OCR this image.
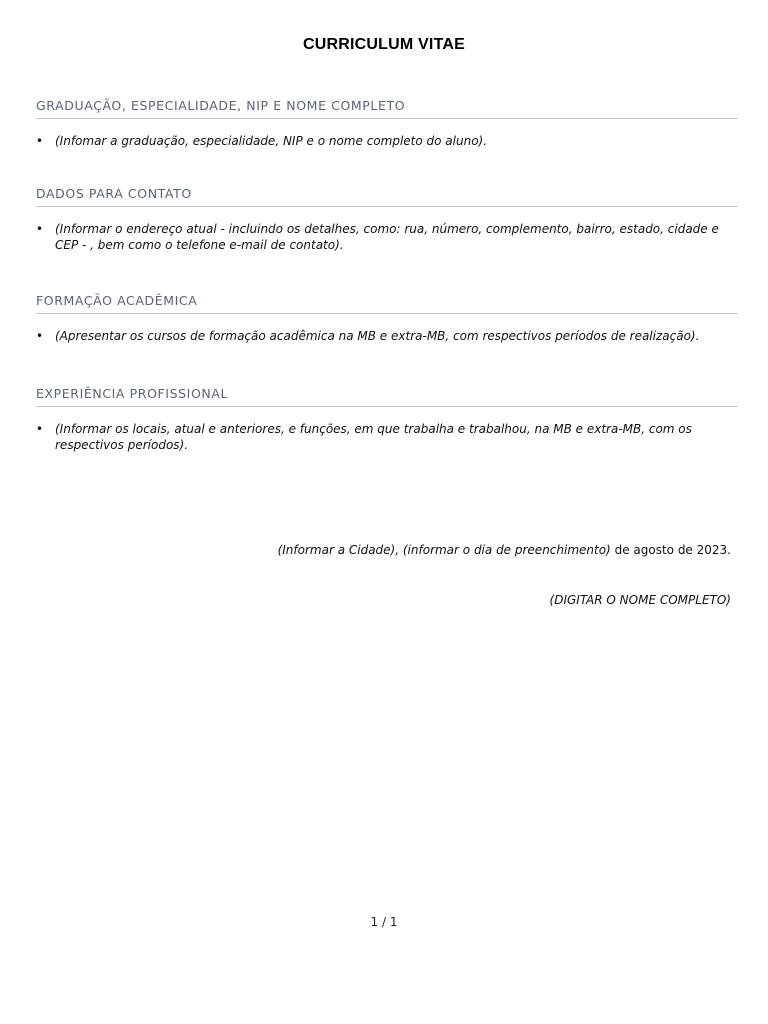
CURRICULUM VITAE
GRADUAÇÃO, ESPECIALIDADE, NIP E NOME COMPLETO
• (Infomar a graduação, especialidade, NIP e o nome completo do aluno).
DADOS PARA CONTATO
• (Informar o endereço atual - incluindo os detalhes, como: rua, número, complemento, bairro, estado, cidade e CEP - , bem como o telefone e-mail de contato).
FORMAÇÃO ACADÊMICA
• (Apresentar os cursos de formação acadêmica na MB e extra-MB, com respectivos períodos de realização).
EXPERIÊNCIA PROFISSIONAL
• (Informar os locais, atual e anteriores, e funções, em que trabalha e trabalhou, na MB e extra-MB, com os respectivos períodos).
(Informar a Cidade), (informar o dia de preenchimento) de agosto de 2023.
(DIGITAR O NOME COMPLETO)
1 / 1
